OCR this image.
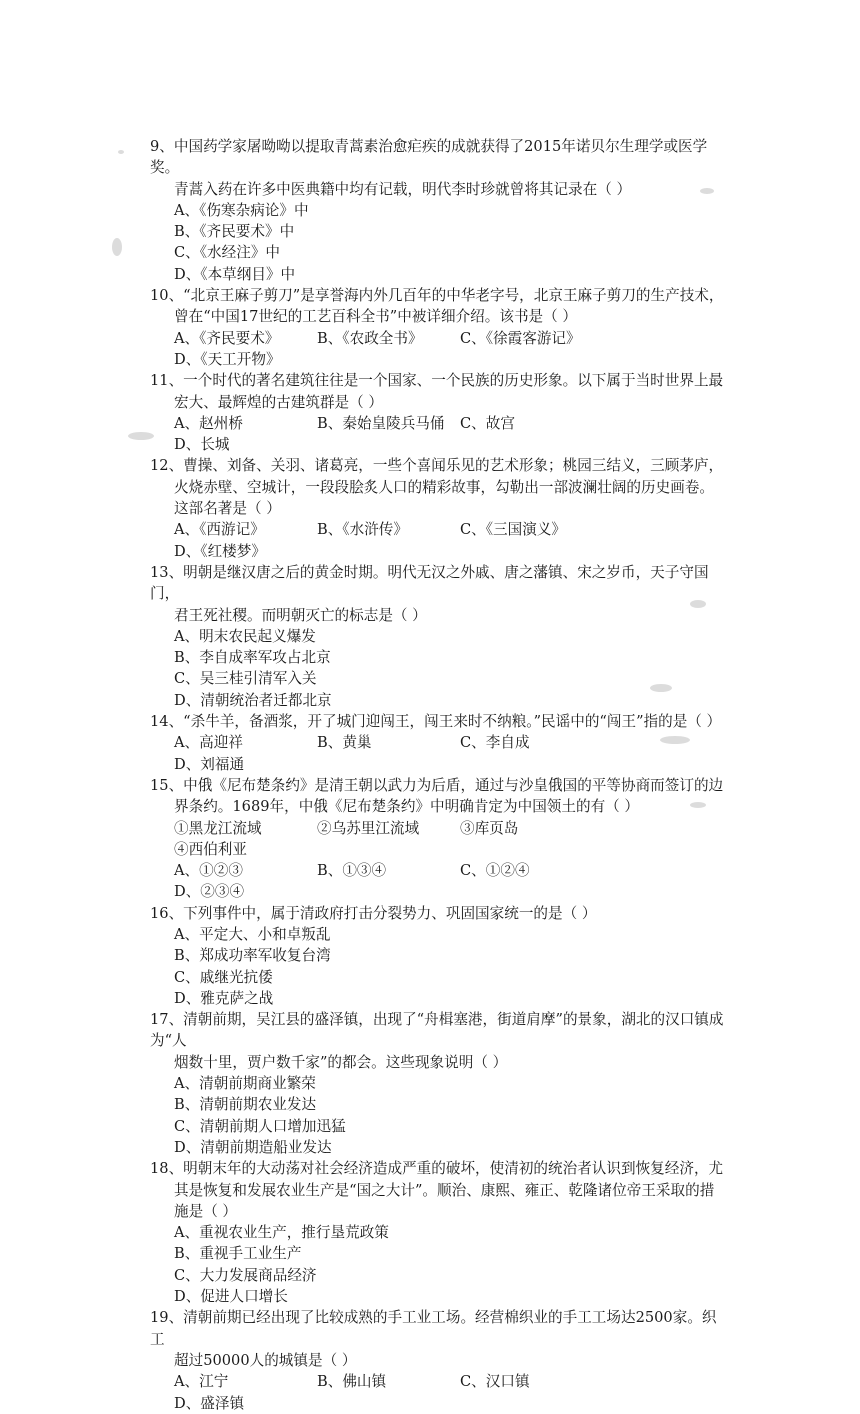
9、中国药学家屠呦呦以提取青蒿素治愈疟疾的成就获得了2015年诺贝尔生理学或医学奖。
青蒿入药在许多中医典籍中均有记载，明代李时珍就曾将其记录在（ ）
A、《伤寒杂病论》中
B、《齐民要术》中
C、《水经注》中
D、《本草纲目》中
10、“北京王麻子剪刀”是享誉海内外几百年的中华老字号，北京王麻子剪刀的生产技术，
曾在“中国17世纪的工艺百科全书”中被详细介绍。该书是（ ）
A、《齐民要术》	B、《农政全书》	C、《徐霞客游记》
D、《天工开物》
11、一个时代的著名建筑往往是一个国家、一个民族的历史形象。以下属于当时世界上最
宏大、最辉煌的古建筑群是（ ）
A、赵州桥	B、秦始皇陵兵马俑	C、故宫
D、长城
12、曹操、刘备、关羽、诸葛亮，一些个喜闻乐见的艺术形象；桃园三结义，三顾茅庐，
火烧赤壁、空城计，一段段脍炙人口的精彩故事，勾勒出一部波澜壮阔的历史画卷。这部名著是（ ）
A、《西游记》	B、《水浒传》	C、《三国演义》
D、《红楼梦》
13、明朝是继汉唐之后的黄金时期。明代无汉之外戚、唐之藩镇、宋之岁币，天子守国门，
君王死社稷。而明朝灭亡的标志是（ ）
A、明末农民起义爆发
B、李自成率军攻占北京
C、吴三桂引清军入关
D、清朝统治者迁都北京
14、“杀牛羊，备酒浆，开了城门迎闯王，闯王来时不纳粮。”民谣中的“闯王”指的是（ ）
A、高迎祥	B、黄巢	C、李自成
D、刘福通
15、中俄《尼布楚条约》是清王朝以武力为后盾，通过与沙皇俄国的平等协商而签订的边
界条约。1689年，中俄《尼布楚条约》中明确肯定为中国领土的有（ ）
①黑龙江流域	②乌苏里江流域	③库页岛
④西伯利亚
A、①②③	B、①③④	C、①②④
D、②③④
16、下列事件中，属于清政府打击分裂势力、巩固国家统一的是（ ）
A、平定大、小和卓叛乱
B、郑成功率军收复台湾
C、戚继光抗倭
D、雅克萨之战
17、清朝前期，吴江县的盛泽镇，出现了“舟楫塞港，街道肩摩”的景象，湖北的汉口镇成为“人
烟数十里，贾户数千家”的都会。这些现象说明（ ）
A、清朝前期商业繁荣
B、清朝前期农业发达
C、清朝前期人口增加迅猛
D、清朝前期造船业发达
18、明朝末年的大动荡对社会经济造成严重的破坏，使清初的统治者认识到恢复经济，尤
其是恢复和发展农业生产是“国之大计”。顺治、康熙、雍正、乾隆诸位帝王采取的措施是（ ）
A、重视农业生产，推行垦荒政策
B、重视手工业生产
C、大力发展商品经济
D、促进人口增长
19、清朝前期已经出现了比较成熟的手工业工场。经营棉织业的手工工场达2500家。织工
超过50000人的城镇是（ ）
A、江宁	B、佛山镇	C、汉口镇
D、盛泽镇
